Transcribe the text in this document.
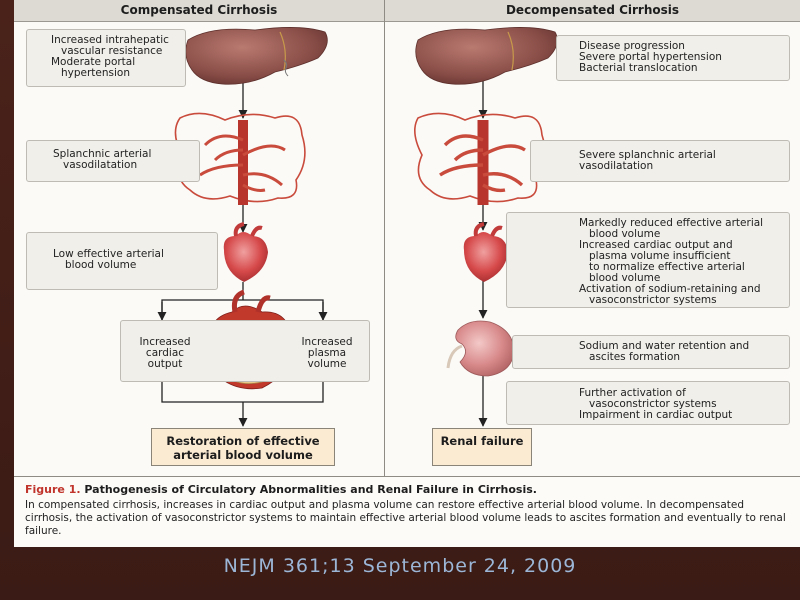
Compensated Cirrhosis	Decompensated Cirrhosis
Increased intrahepatic
vascular resistance
Moderate portal
hypertension
Splanchnic arterial
vasodilatation
Low effective arterial
blood volume
Increased
cardiac
output
Increased
plasma
volume
Restoration of effective arterial blood volume
Disease progression
Severe portal hypertension
Bacterial translocation
Severe splanchnic arterial
vasodilatation
Markedly reduced effective arterial
blood volume
Increased cardiac output and
plasma volume insufficient
to normalize effective arterial
blood volume
Activation of sodium-retaining and
vasoconstrictor systems
Sodium and water retention and
ascites formation
Further activation of
vasoconstrictor systems
Impairment in cardiac output
Renal failure
Figure 1. Pathogenesis of Circulatory Abnormalities and Renal Failure in Cirrhosis.
In compensated cirrhosis, increases in cardiac output and plasma volume can restore effective arterial blood volume. In decompensated cirrhosis, the activation of vasoconstrictor systems to maintain effective arterial blood volume leads to ascites formation and eventually to renal failure.
NEJM 361;13 September 24, 2009
